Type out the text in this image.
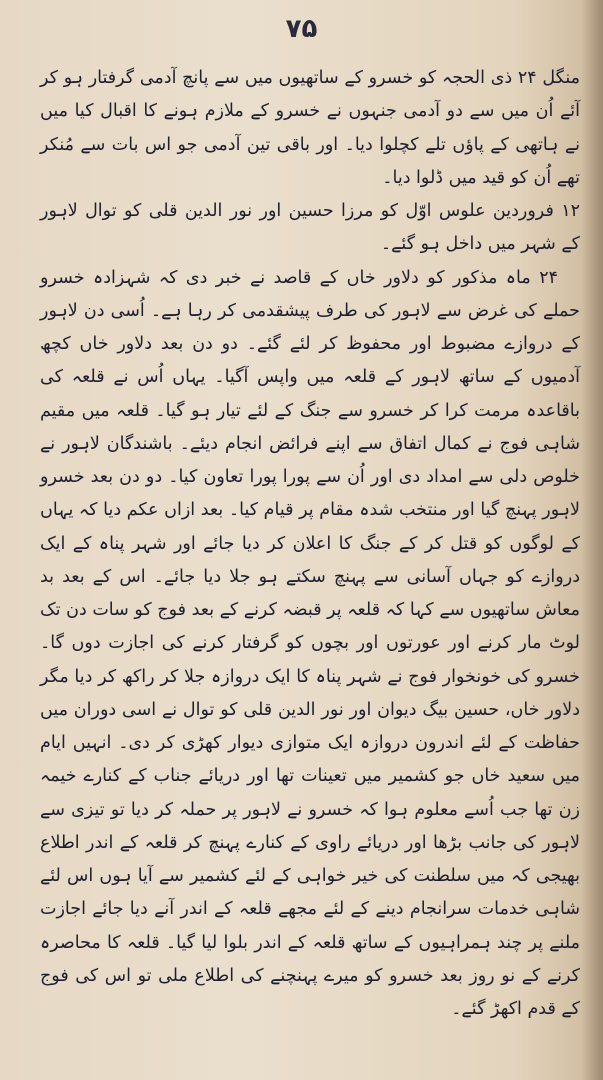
۷۵

منگل ۲۴ ذی الحجہ کو خسرو کے ساتھیوں میں سے پانچ آدمی گرفتار ہو کر آئے اُن میں سے دو آدمی جنہوں نے خسرو کے ملازم ہونے کا اقبال کیا میں نے ہاتھی کے پاؤں تلے کچلوا دیا۔ اور باقی تین آدمی جو اس بات سے مُنکر تھے اُن کو قید میں ڈلوا دیا۔

۱۲ فروردین علوس اوّل کو مرزا حسین اور نور الدین قلی کو توال لاہور کے شہر میں داخل ہو گئے۔

۲۴ ماہ مذکور کو دلاور خاں کے قاصد نے خبر دی کہ شہزادہ خسرو حملے کی غرض سے لاہور کی طرف پیشقدمی کر رہا ہے۔ اُسی دن لاہور کے دروازے مضبوط اور محفوظ کر لئے گئے۔ دو دن بعد دلاور خاں کچھ آدمیوں کے ساتھ لاہور کے قلعہ میں واپس آگیا۔ یہاں اُس نے قلعہ کی باقاعدہ مرمت کرا کر خسرو سے جنگ کے لئے تیار ہو گیا۔ قلعہ میں مقیم شاہی فوج نے کمال اتفاق سے اپنے فرائض انجام دیئے۔ باشندگان لاہور نے خلوص دلی سے امداد دی اور اُن سے پورا پورا تعاون کیا۔ دو دن بعد خسرو لاہور پہنچ گیا اور منتخب شدہ مقام پر قیام کیا۔ بعد ازاں عکم دیا کہ یہاں کے لوگوں کو قتل کر کے جنگ کا اعلان کر دیا جائے اور شہر پناہ کے ایک دروازے کو جہاں آسانی سے پہنچ سکتے ہو جلا دیا جائے۔ اس کے بعد بد معاش ساتھیوں سے کہا کہ قلعہ پر قبضہ کرنے کے بعد فوج کو سات دن تک لوٹ مار کرنے اور عورتوں اور بچوں کو گرفتار کرنے کی اجازت دوں گا۔ خسرو کی خونخوار فوج نے شہر پناہ کا ایک دروازہ جلا کر راکھ کر دیا مگر دلاور خاں، حسین بیگ دیوان اور نور الدین قلی کو توال نے اسی دوران میں حفاظت کے لئے اندرون دروازہ ایک متوازی دیوار کھڑی کر دی۔ انہیں ایام میں سعید خاں جو کشمیر میں تعینات تھا اور دریائے جناب کے کنارے خیمہ زن تھا جب اُسے معلوم ہوا کہ خسرو نے لاہور پر حملہ کر دیا تو تیزی سے لاہور کی جانب بڑھا اور دریائے راوی کے کنارے پہنچ کر قلعہ کے اندر اطلاع بھیجی کہ میں سلطنت کی خیر خواہی کے لئے کشمیر سے آیا ہوں اس لئے شاہی خدمات سرانجام دینے کے لئے مجھے قلعہ کے اندر آنے دیا جائے اجازت ملنے پر چند ہمراہیوں کے ساتھ قلعہ کے اندر بلوا لیا گیا۔ قلعہ کا محاصرہ کرنے کے نو روز بعد خسرو کو میرے پہنچنے کی اطلاع ملی تو اس کی فوج کے قدم اکھڑ گئے۔
